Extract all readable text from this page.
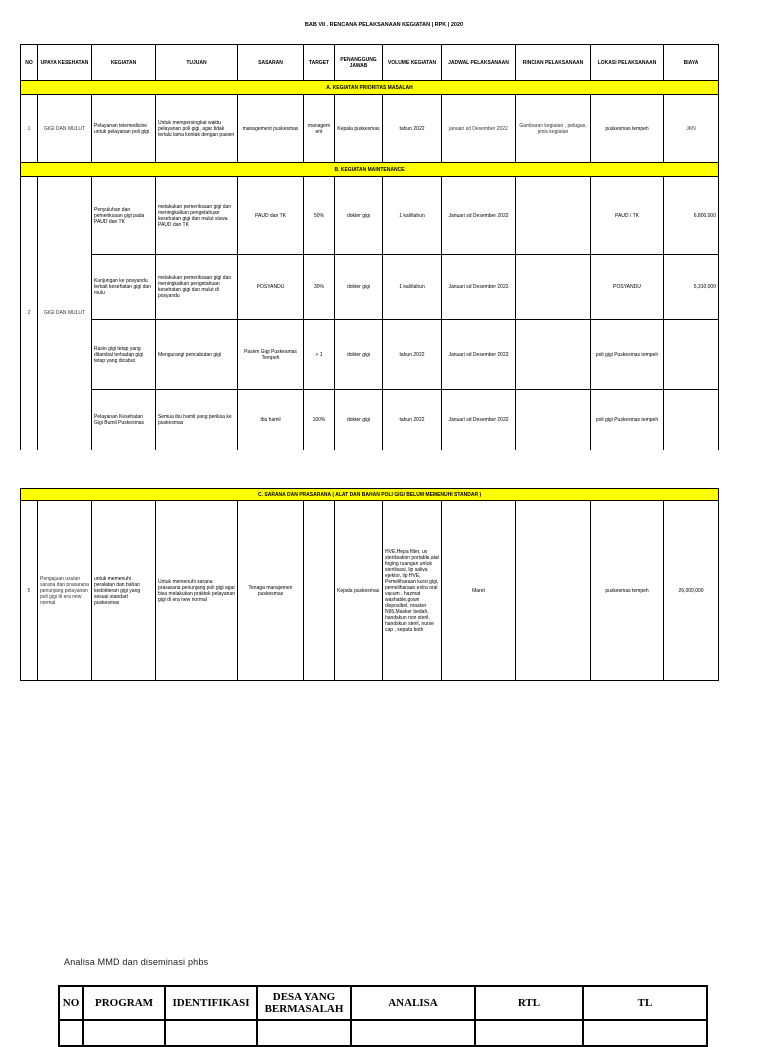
BAB VII . RENCANA PELAKSANAAN KEGIATAN | RPK | 2020
NO	UPAYA KESEHATAN	KEGIATAN	TUJUAN	SASARAN	TARGET	PENANGGUNG JAWAB	VOLUME KEGIATAN	JADWAL PELAKSANAAN	RINCIAN PELAKSANAAN	LOKASI PELAKSANAAN	BIAYA
A. KEGIATAN PRIORITAS MASALAH											
1	GIGI DAN MULUT	Pelayanan telemedicine untuk pelayanan poli gigi	Untuk mempersingkat waktu pelayanan poli gigi, agar tidak terlalu lama kontak dengan pasien	management puskesmas	managem ent	Kepala puskesmas	tahun 2022	januari sd Desember 2022	Gambaran kegiatan , petugas, jenis kegiatan	puskesmas tempeh	JKN
B. KEGIATAN MAINTENANCE											
2	GIGI DAN MULUT	Penyuluhan dan pemeriksaan gigi pada PAUD dan TK	melakukan pemeriksaan gigi dan meningkalkan pengetahuan kesehatan gigi dan mulut siswa PAUD dan TK	PAUD dan TK	50%	dokter gigi	1 kali/tahun	Januari sd Desember 2022		PAUD / TK	6.800.000
		Kunjungan ke posyandu terkait kesehatan gigi dan mulu	melakukan pemeriksaan gigi dan meningkatkan pengetahuan kesehatan gigi dan mulut di posyandu	POSYANDU	30%	dokter gigi	1 kali/tahun	Januari sd Desember 2022		POSYANDU	5,310,000
		Rasio gigi tetap yang ditambal terhadap gigi tetap yang dicabut	Mengurangi pencabutan gigi	Pasien Gigi Puskesmas Tempeh	> 1	dokter gigi	tahun 2022	Januari sd Desember 2022		poli gigi Puskesmas tempeh	
		Pelayanan Kesehatan Gigi Bumil Puskesmas	Semua ibu hamil yang periksa ke puskesmas	Ibu hamil	100%	dokter gigi	tahun 2022	Januari sd Desember 2022		poli gigi Puskesmas tempeh	
C. SARANA DAN PRASARANA ( ALAT DAN BAHAN POLI GIGI BELUM MEMENUHI STANDAR )
5	Pengajuan usulan sarana dan prasarana penunjang pelayanan poli gigi di era new normal	untuk memenuhi peralatan dan bahan kedokteran gigi yang sesuai standart puskesmas	Untuk memenuhi sarana prasarana penunjang poli gigi agar bisa melakukan praktek pelayanan gigi di era new normal	Tenaga manajemen puskesmas		Kepala puskesmas	HVE,Hepa filter, uv sterilisation portable,alat foging ruangan untuk sterilisasi, lip saliva ejektor, lip HVE, Pemeliharaan kursi gigi, pemeliharaan extra oral vacum , hazmat washable,gown disposibel, masker N95,Masker bedah, handskun non steril, handskun steril, nurse cap , sepatu both	Maret		puskesmas tempeh	26,000,000
Analisa MMD dan diseminasi phbs
NO	PROGRAM	IDENTIFIKASI	DESA YANG BERMASALAH	ANALISA	RTL	TL
